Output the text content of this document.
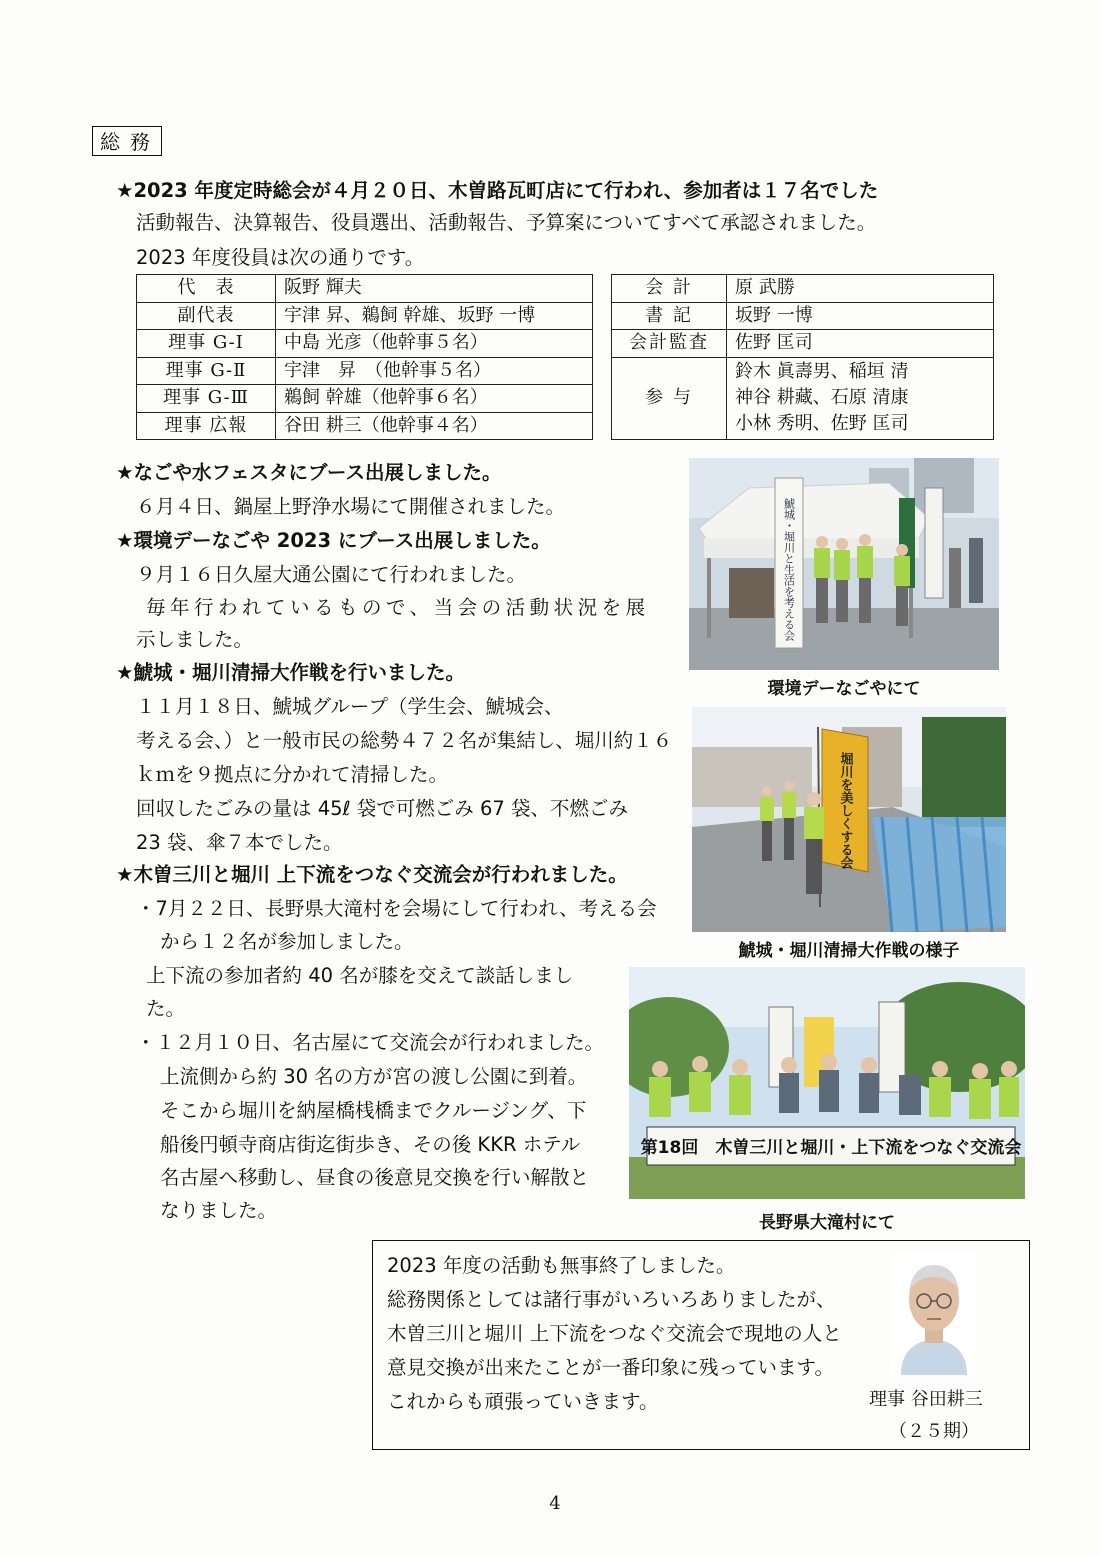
総務
★2023 年度定時総会が４月２０日、木曽路瓦町店にて行われ、参加者は１７名でした
活動報告、決算報告、役員選出、活動報告、予算案についてすべて承認されました。
2023 年度役員は次の通りです。
代　表	阪野 輝夫		会 計	原 武勝
副代表	宇津 昇、鵜飼 幹雄、坂野 一博		書 記	坂野 一博
理事 G-Ⅰ	中島 光彦（他幹事５名）		会計監査	佐野 匡司
理事 G-Ⅱ	宇津　昇　（他幹事５名）		参 与	鈴木 眞壽男、稲垣 清
神谷 耕藏、石原 清康
小林 秀明、佐野 匡司

理事 G-Ⅲ	鵜飼 幹雄（他幹事６名）			
理事 広報	谷田 耕三（他幹事４名）			
★なごや水フェスタにブース出展しました。
６月４日、鍋屋上野浄水場にて開催されました。
★環境デーなごや 2023 にブース出展しました。
９月１６日久屋大通公園にて行われました。
毎年行われているもので、当会の活動状況を展
示しました。
★鯱城・堀川清掃大作戦を行いました。
１１月１８日、鯱城グループ（学生会、鯱城会、
考える会、）と一般市民の総勢４７２名が集結し、堀川約１６
ｋｍを９拠点に分かれて清掃した。
回収したごみの量は 45ℓ 袋で可燃ごみ 67 袋、不燃ごみ
23 袋、傘７本でした。
★木曽三川と堀川 上下流をつなぐ交流会が行われました。
・7月２２日、長野県大滝村を会場にして行われ、考える会
から１２名が参加しました。
上下流の参加者約 40 名が膝を交えて談話しまし
た。
・１２月１０日、名古屋にて交流会が行われました。
上流側から約 30 名の方が宮の渡し公園に到着。
そこから堀川を納屋橋桟橋までクルージング、下
船後円頓寺商店街迄街歩き、その後 KKR ホテル
名古屋へ移動し、昼食の後意見交換を行い解散と
なりました。
鯱城・堀川と生活を考える会
環境デーなごやにて
堀川を美しくする会
鯱城・堀川清掃大作戦の様子
第18回　木曽三川と堀川・上下流をつなぐ交流会
長野県大滝村にて
2023 年度の活動も無事終了しました。
総務関係としては諸行事がいろいろありましたが、
木曽三川と堀川 上下流をつなぐ交流会で現地の人と
意見交換が出来たことが一番印象に残っています。
これからも頑張っていきます。	理事 谷田耕三
（２５期）
4
